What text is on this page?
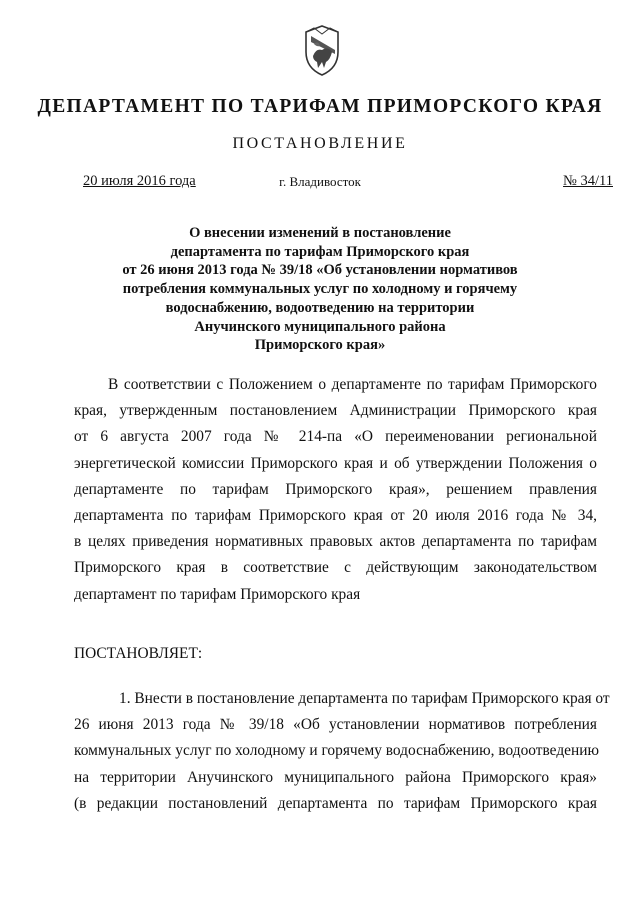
ДЕПАРТАМЕНТ ПО ТАРИФАМ ПРИМОРСКОГО КРАЯ
ПОСТАНОВЛЕНИЕ
20 июля 2016 года	г. Владивосток	№ 34/11
О внесении изменений в постановление
департамента по тарифам Приморского края
от 26 июня 2013 года № 39/18 «Об установлении нормативов
потребления коммунальных услуг по холодному и горячему
водоснабжению, водоотведению на территории
Анучинского муниципального района
Приморского края»
В соответствии с Положением о департаменте по тарифам Приморского
края, утвержденным постановлением Администрации Приморского края
от 6 августа 2007 года № 214-па «О переименовании региональной
энергетической комиссии Приморского края и об утверждении Положения о
департаменте по тарифам Приморского края», решением правления
департамента по тарифам Приморского края от 20 июля 2016 года № 34,
в целях приведения нормативных правовых актов департамента по тарифам
Приморского края в соответствие с действующим законодательством
департамент по тарифам Приморского края
ПОСТАНОВЛЯЕТ:
1. Внести в постановление департамента по тарифам Приморского края от
26 июня 2013 года № 39/18 «Об установлении нормативов потребления
коммунальных услуг по холодному и горячему водоснабжению, водоотведению
на территории Анучинского муниципального района Приморского края»
(в редакции постановлений департамента по тарифам Приморского края
